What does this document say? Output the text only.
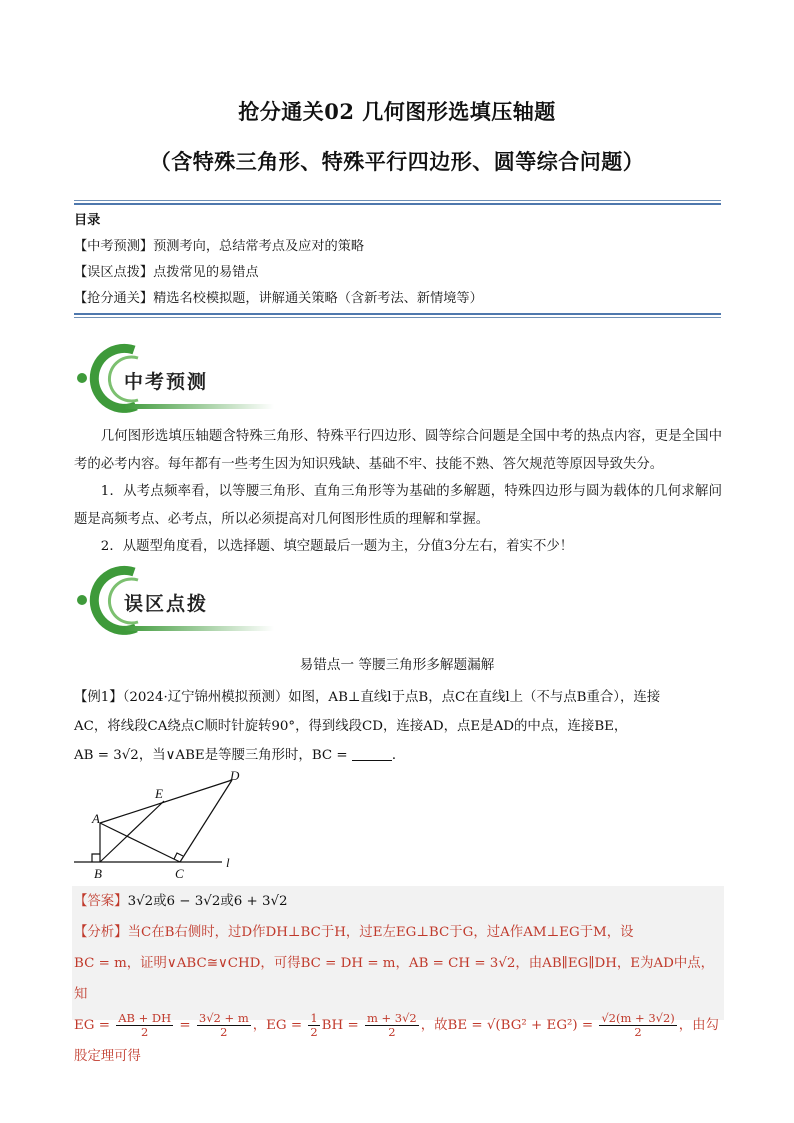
抢分通关02 几何图形选填压轴题
（含特殊三角形、特殊平行四边形、圆等综合问题）
目录
【中考预测】预测考向，总结常考点及应对的策略
【误区点拨】点拨常见的易错点
【抢分通关】精选名校模拟题，讲解通关策略（含新考法、新情境等）
中考预测

几何图形选填压轴题含特殊三角形、特殊平行四边形、圆等综合问题是全国中考的热点内容，更是全国中考的必考内容。每年都有一些考生因为知识残缺、基础不牢、技能不熟、答欠规范等原因导致失分。

1．从考点频率看，以等腰三角形、直角三角形等为基础的多解题，特殊四边形与圆为载体的几何求解问题是高频考点、必考点，所以必须提高对几何图形性质的理解和掌握。

2．从题型角度看，以选择题、填空题最后一题为主，分值3分左右，着实不少！

误区点拨
易错点一 等腰三角形多解题漏解

【例1】（2024·辽宁锦州模拟预测）如图，AB⊥直线l于点B，点C在直线l上（不与点B重合），连接

AC，将线段CA绕点C顺时针旋转90°，得到线段CD，连接AD，点E是AD的中点，连接BE，

AB = 3√2，当∨ABE是等腰三角形时，BC =	．

A
B	C
D
E
l
【答案】3√2或6 − 3√2或6 + 3√2
【分析】当C在B右侧时，过D作DH⊥BC于H，过E左EG⊥BC于G，过A作AM⊥EG于M，设
BC = m，证明∨ABC≅∨CHD，可得BC = DH = m，AB = CH = 3√2，由AB∥EG∥DH，E为AD中点，知
EG = $\frac{AB + DH}{2} = \frac{3√2 + m}{2}$ ，EG = $\frac{1}{2}$ BH = $\frac{m + 3√2}{2}$ ，故BE = $√(BG^2 + EG^2) = \frac{√2(m + 3√2)}{2}$ ，由勾股定理可得
